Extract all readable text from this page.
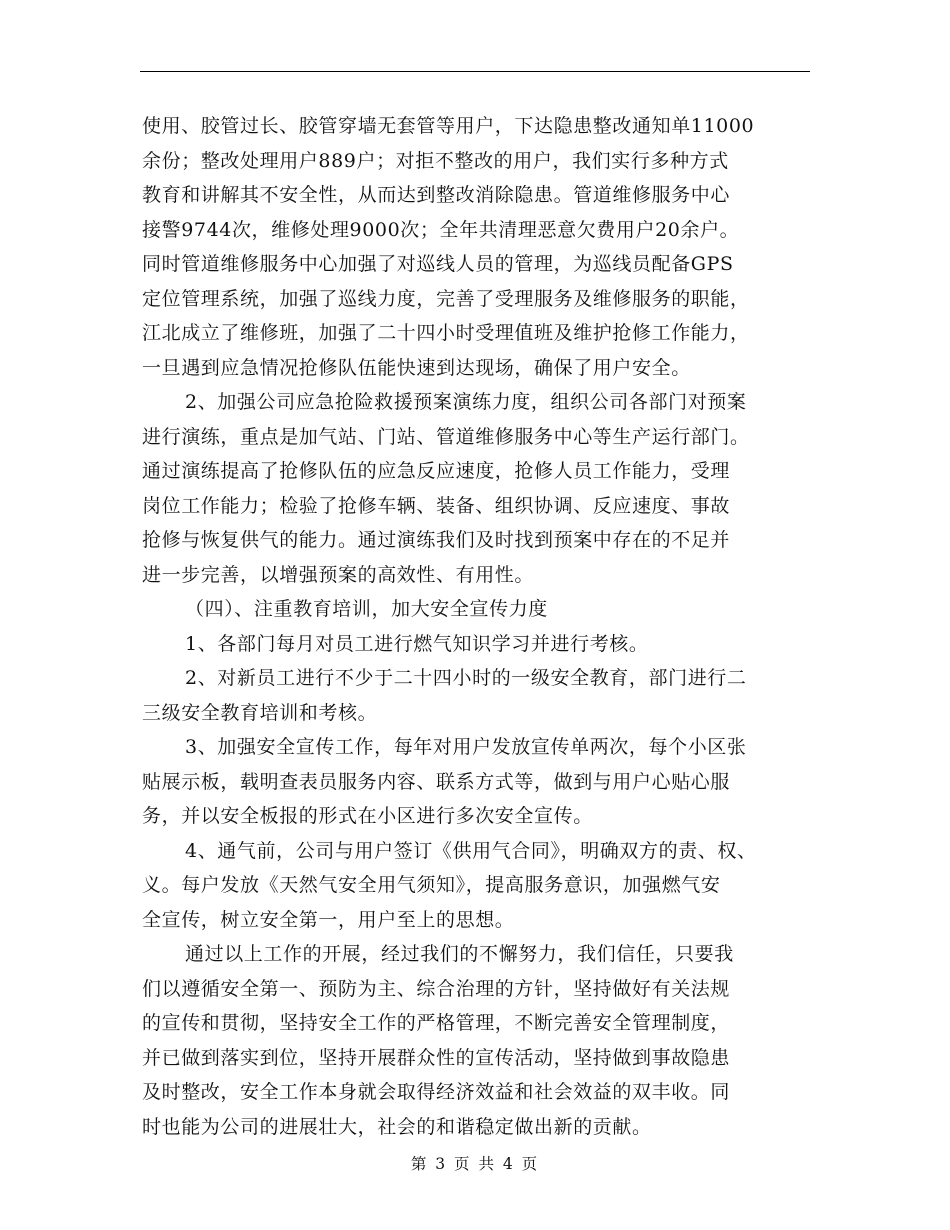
使用、胶管过长、胶管穿墙无套管等用户，下达隐患整改通知单11000
余份；整改处理用户889户；对拒不整改的用户，我们实行多种方式
教育和讲解其不安全性，从而达到整改消除隐患。管道维修服务中心
接警9744次，维修处理9000次；全年共清理恶意欠费用户20余户。
同时管道维修服务中心加强了对巡线人员的管理，为巡线员配备GPS
定位管理系统，加强了巡线力度，完善了受理服务及维修服务的职能，
江北成立了维修班，加强了二十四小时受理值班及维护抢修工作能力，
一旦遇到应急情况抢修队伍能快速到达现场，确保了用户安全。
2、加强公司应急抢险救援预案演练力度，组织公司各部门对预案
进行演练，重点是加气站、门站、管道维修服务中心等生产运行部门。
通过演练提高了抢修队伍的应急反应速度，抢修人员工作能力，受理
岗位工作能力；检验了抢修车辆、装备、组织协调、反应速度、事故
抢修与恢复供气的能力。通过演练我们及时找到预案中存在的不足并
进一步完善，以增强预案的高效性、有用性。
（四）、注重教育培训，加大安全宣传力度
1、各部门每月对员工进行燃气知识学习并进行考核。
2、对新员工进行不少于二十四小时的一级安全教育，部门进行二
三级安全教育培训和考核。
3、加强安全宣传工作，每年对用户发放宣传单两次，每个小区张
贴展示板，载明查表员服务内容、联系方式等，做到与用户心贴心服
务，并以安全板报的形式在小区进行多次安全宣传。
4、通气前，公司与用户签订《供用气合同》，明确双方的责、权、
义。每户发放《天然气安全用气须知》，提高服务意识，加强燃气安
全宣传，树立安全第一，用户至上的思想。
通过以上工作的开展，经过我们的不懈努力，我们信任，只要我
们以遵循安全第一、预防为主、综合治理的方针，坚持做好有关法规
的宣传和贯彻，坚持安全工作的严格管理，不断完善安全管理制度，
并已做到落实到位，坚持开展群众性的宣传活动，坚持做到事故隐患
及时整改，安全工作本身就会取得经济效益和社会效益的双丰收。同
时也能为公司的进展壮大，社会的和谐稳定做出新的贡献。
第 3 页 共 4 页
